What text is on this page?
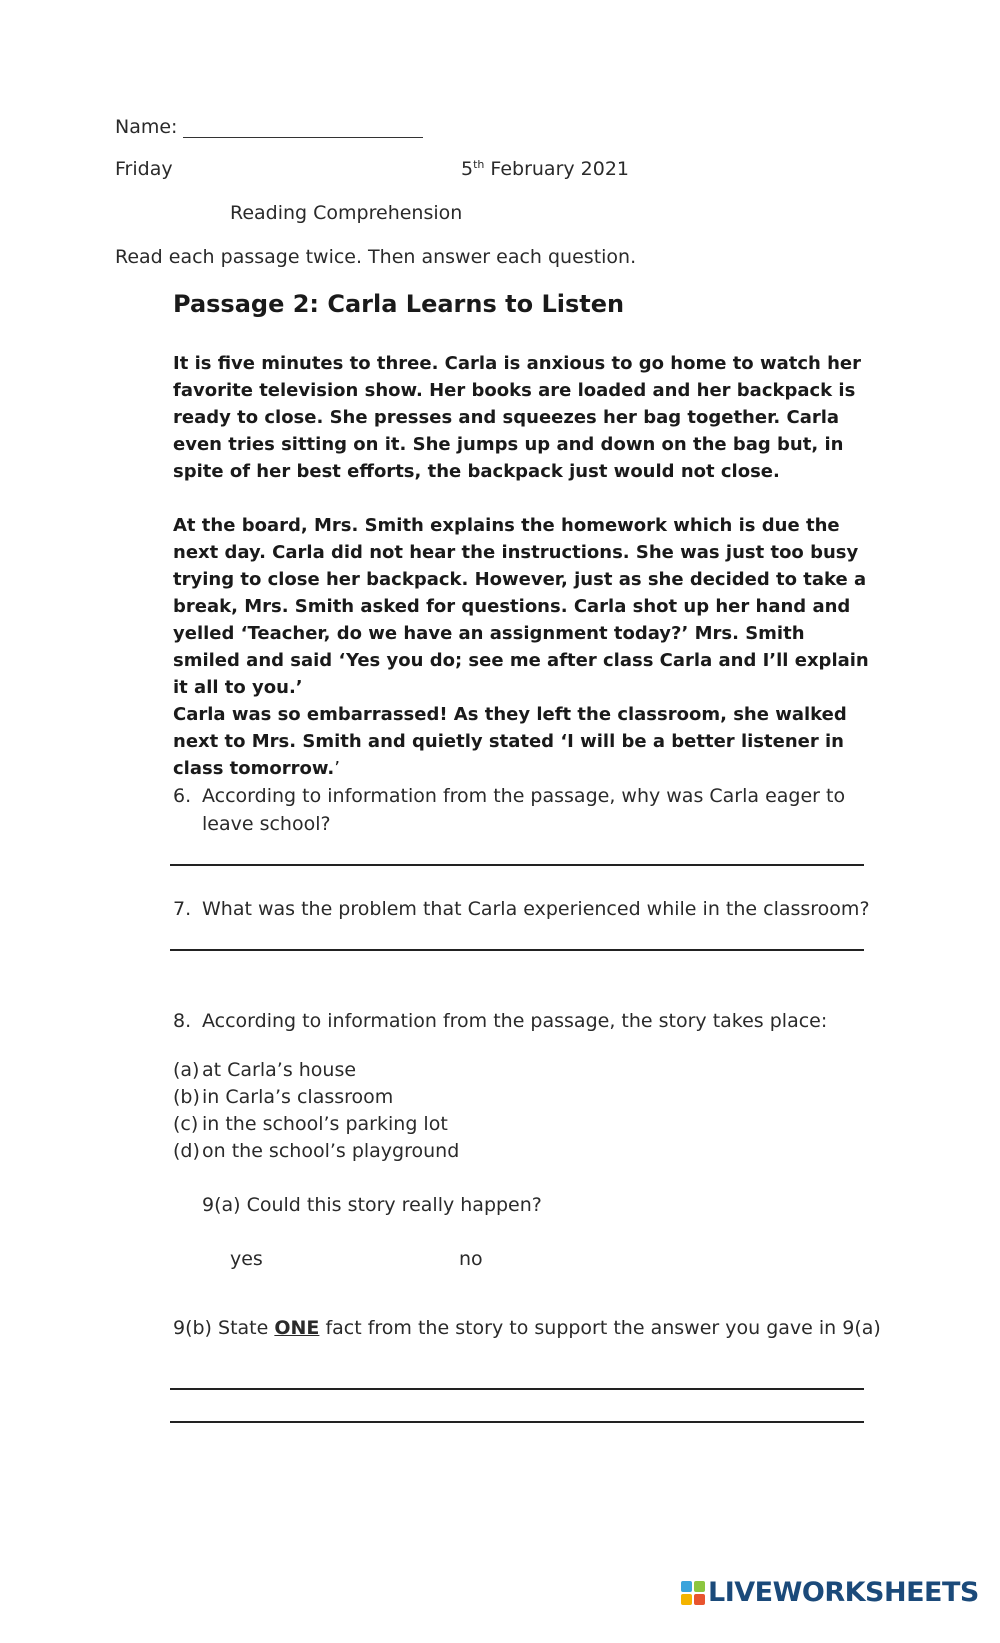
Name:
Friday	5th February 2021
Reading Comprehension
Read each passage twice. Then answer each question.
Passage 2: Carla Learns to Listen

It is five minutes to three. Carla is anxious to go home to watch her favorite television show. Her books are loaded and her backpack is ready to close. She presses and squeezes her bag together. Carla even tries sitting on it. She jumps up and down on the bag but, in spite of her best efforts, the backpack just would not close.

At the board, Mrs. Smith explains the homework which is due the next day. Carla did not hear the instructions. She was just too busy trying to close her backpack. However, just as she decided to take a break, Mrs. Smith asked for questions. Carla shot up her hand and yelled ‘Teacher, do we have an assignment today?’ Mrs. Smith smiled and said ‘Yes you do; see me after class Carla and I’ll explain it all to you.’

Carla was so embarrassed! As they left the classroom, she walked next to Mrs. Smith and quietly stated ‘I will be a better listener in class tomorrow.’

6. According to information from the passage, why was Carla eager to leave school?
7. What was the problem that Carla experienced while in the classroom?
8. According to information from the passage, the story takes place:
(a) at Carla’s house
(b) in Carla’s classroom
(c) in the school’s parking lot
(d) on the school’s playground
9(a) Could this story really happen?
yes	no
9(b) State ONE fact from the story to support the answer you gave in 9(a)
LIVEWORKSHEETS
